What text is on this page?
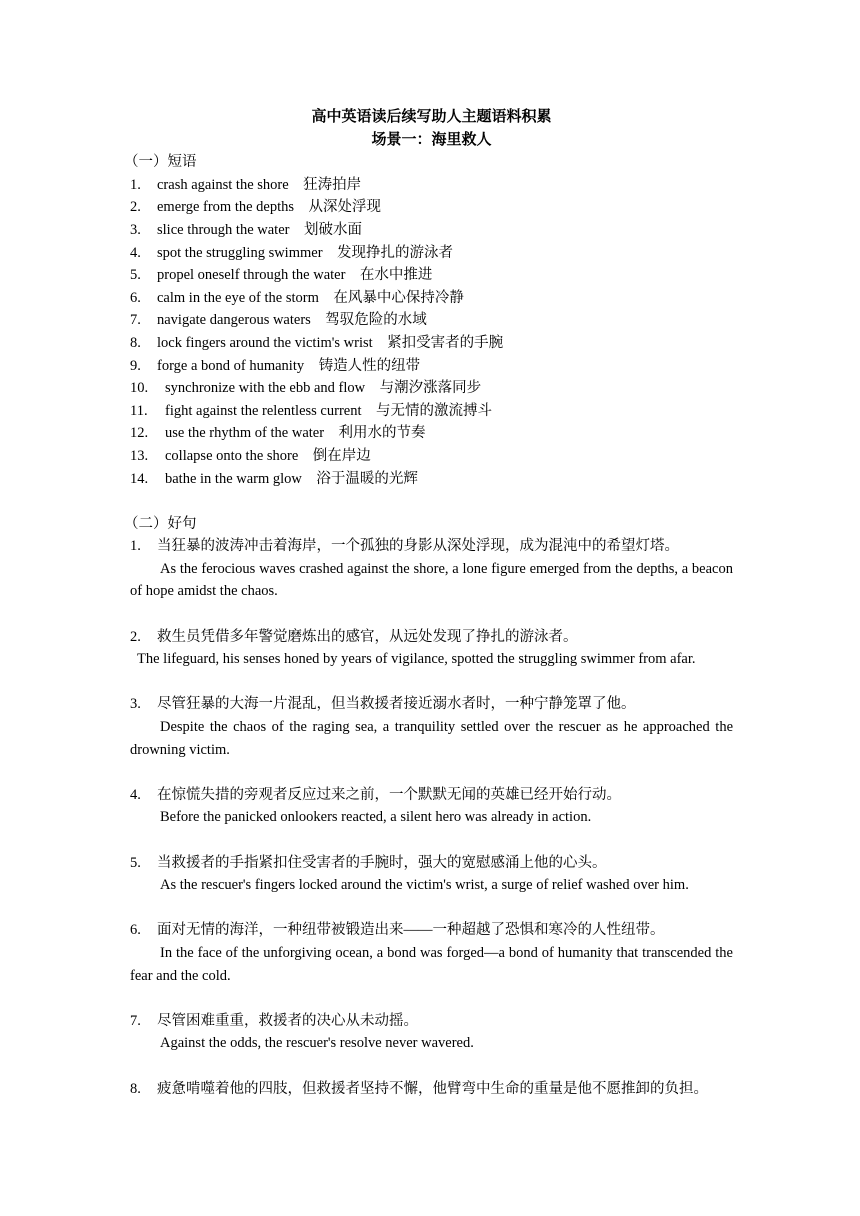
高中英语读后续写助人主题语料积累
场景一：海里救人
（一）短语
1.	crash against the shore　狂涛拍岸
2.	emerge from the depths　从深处浮现
3.	slice through the water　划破水面
4.	spot the struggling swimmer　发现挣扎的游泳者
5.	propel oneself through the water　在水中推进
6.	calm in the eye of the storm　在风暴中心保持冷静
7.	navigate dangerous waters　驾驭危险的水域
8.	lock fingers around the victim's wrist　紧扣受害者的手腕
9.	forge a bond of humanity　铸造人性的纽带
10.	synchronize with the ebb and flow　与潮汐涨落同步
11.	fight against the relentless current　与无情的激流搏斗
12.	use the rhythm of the water　利用水的节奏
13.	collapse onto the shore　倒在岸边
14.	bathe in the warm glow　浴于温暖的光辉
（二）好句
1.	当狂暴的波涛冲击着海岸，一个孤独的身影从深处浮现，成为混沌中的希望灯塔。
As the ferocious waves crashed against the shore, a lone figure emerged from the depths, a beacon of hope amidst the chaos.
2.	救生员凭借多年警觉磨炼出的感官，从远处发现了挣扎的游泳者。
The lifeguard, his senses honed by years of vigilance, spotted the struggling swimmer from afar.
3.	尽管狂暴的大海一片混乱，但当救援者接近溺水者时，一种宁静笼罩了他。
Despite the chaos of the raging sea, a tranquility settled over the rescuer as he approached the drowning victim.
4.	在惊慌失措的旁观者反应过来之前，一个默默无闻的英雄已经开始行动。
Before the panicked onlookers reacted, a silent hero was already in action.
5.	当救援者的手指紧扣住受害者的手腕时，强大的宽慰感涌上他的心头。
As the rescuer's fingers locked around the victim's wrist, a surge of relief washed over him.
6.	面对无情的海洋，一种纽带被锻造出来——一种超越了恐惧和寒冷的人性纽带。
In the face of the unforgiving ocean, a bond was forged—a bond of humanity that transcended the fear and the cold.
7.	尽管困难重重，救援者的决心从未动摇。
Against the odds, the rescuer's resolve never wavered.
8.	疲惫啃噬着他的四肢，但救援者坚持不懈，他臂弯中生命的重量是他不愿推卸的负担。
